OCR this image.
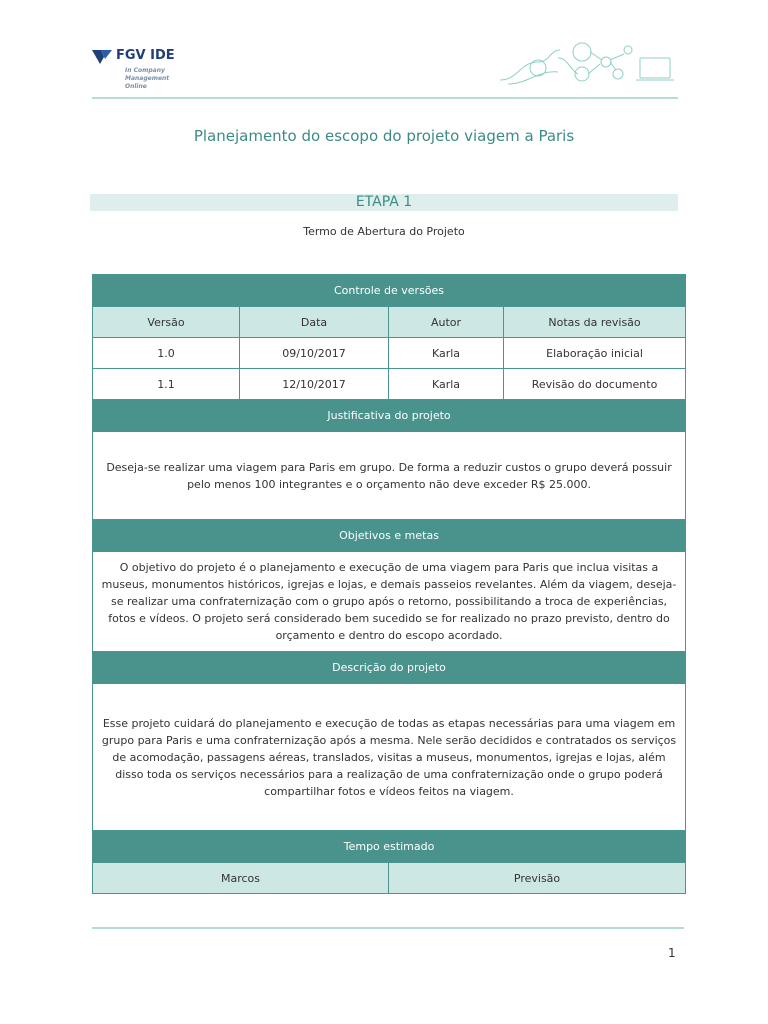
FGV IDE
In Company
Management
Online
Planejamento do escopo do projeto viagem a Paris
ETAPA 1
Termo de Abertura do Projeto
Controle de versões			
Versão	Data	Autor	Notas da revisão
1.0	09/10/2017	Karla	Elaboração inicial
1.1	12/10/2017	Karla	Revisão do documento
Justificativa do projeto			
Deseja-se realizar uma viagem para Paris em grupo. De forma a reduzir custos o grupo deverá possuir pelo menos 100 integrantes e o orçamento não deve exceder R$ 25.000.			
Objetivos e metas			
O objetivo do projeto é o planejamento e execução de uma viagem para Paris que inclua visitas a museus, monumentos históricos, igrejas e lojas, e demais passeios revelantes. Além da viagem, deseja-se realizar uma confraternização com o grupo após o retorno, possibilitando a troca de experiências, fotos e vídeos. O projeto será considerado bem sucedido se for realizado no prazo previsto, dentro do orçamento e dentro do escopo acordado.			
Descrição do projeto			
Esse projeto cuidará do planejamento e execução de todas as etapas necessárias para uma viagem em grupo para Paris e uma confraternização após a mesma. Nele serão decididos e contratados os serviços de acomodação, passagens aéreas, translados, visitas a museus, monumentos, igrejas e lojas, além disso toda os serviços necessários para a realização de uma confraternização onde o grupo poderá compartilhar fotos e vídeos feitos na viagem.			
Tempo estimado			
Marcos		Previsão	
1
